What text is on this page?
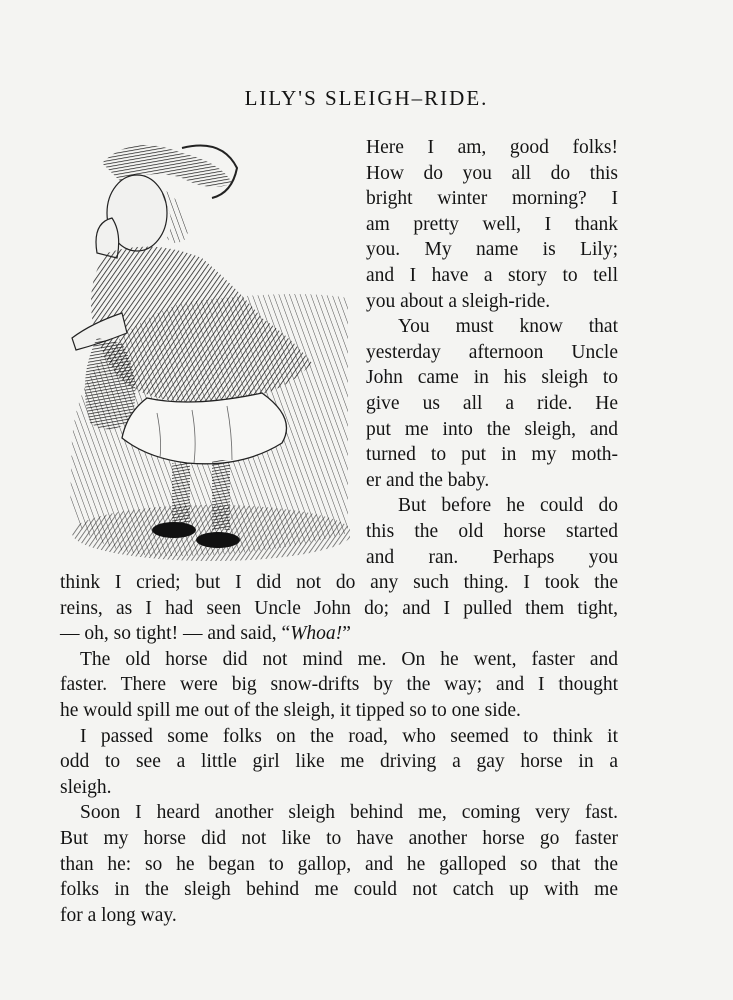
LILY'S SLEIGH–RIDE.
Here I am, good folks!
How do you all do this
bright winter morning? I
am pretty well, I thank
you. My name is Lily;
and I have a story to tell
you about a sleigh-ride.
You must know that
yesterday afternoon Uncle
John came in his sleigh to
give us all a ride. He
put me into the sleigh, and
turned to put in my moth-
er and the baby.
But before he could do
this the old horse started
and ran. Perhaps you
think I cried; but I did not do any such thing. I took the
reins, as I had seen Uncle John do; and I pulled them tight,
— oh, so tight! — and said, “Whoa!”
The old horse did not mind me. On he went, faster and
faster. There were big snow-drifts by the way; and I thought
he would spill me out of the sleigh, it tipped so to one side.
I passed some folks on the road, who seemed to think it
odd to see a little girl like me driving a gay horse in a
sleigh.
Soon I heard another sleigh behind me, coming very fast.
But my horse did not like to have another horse go faster
than he: so he began to gallop, and he galloped so that the
folks in the sleigh behind me could not catch up with me
for a long way.
